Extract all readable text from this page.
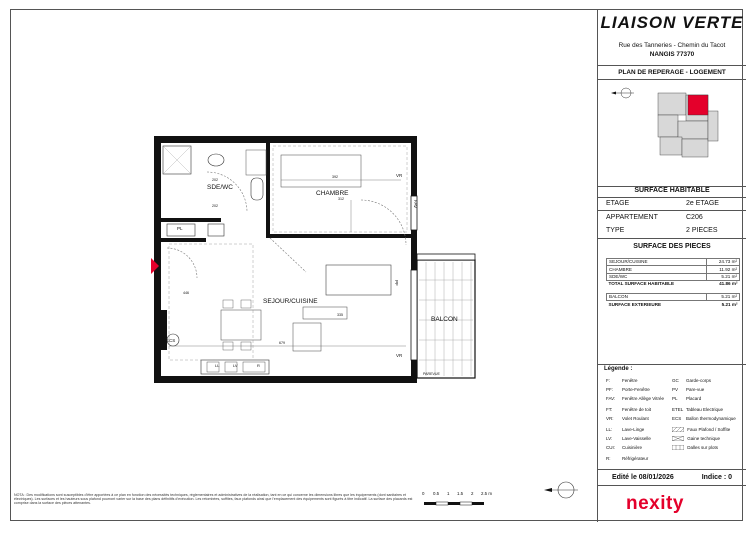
SDE/WC
CHAMBRE
SEJOUR/CUISINE
BALCON
PL
ECS
LL	LV	R
VR
VR
FAV
PF
PAREVUE
202
202
392
312
446
335
679
0 0.5 1 1.5 2 2.5 m
NOTA : Des modifications sont susceptibles d'être apportées à ce plan en fonction des nécessités techniques, réglementaires et administratives de la réalisation, tant en ce qui concerne les dimensions libres que les équipements (dont sanitaires et électriques). Les surfaces et les hauteurs sous plafond pourront varier sur la base des plans définitifs d'exécution. Les retombées, soffites, faux plafonds ainsi que l'emplacement des équipements sont figurés à titre indicatif. La surface des placards est comprise dans la surface des pièces attenantes.
LIAISON VERTE
Rue des Tanneries - Chemin du Tacot
NANGIS 77370
PLAN DE REPERAGE - LOGEMENT
SURFACE HABITABLE
ETAGE	2e ETAGE
APPARTEMENT	C206
TYPE	2 PIECES
SURFACE DES PIECES
SEJOUR/CUISINE	24.73 m²
CHAMBRE	11.92 m²
SDE/WC	5.21 m²
TOTAL SURFACE HABITABLE	41.86 m²
BALCON	5.21 m²
SURFACE EXTERIEURE	5.21 m²
Légende :
F:	Fenêtre
PF: Porte-Fenêtre
FAV: Fenêtre Allège Vitrée
FT: Fenêtre de toit
VR: Volet Roulant
LL: Lave-Linge
LV: Lave-Vaisselle
CUI: Cuisinière
R:	Réfrigérateur
GC Garde-corps
PV Pare-vue
PL Placard
ETEL Tableau Electrique
ECS Ballon thermodynamique
Faux Plafond / Soffite
Gaine technique
Dalles sur plots
Edité le 08/01/2026	Indice : 0
nexity
